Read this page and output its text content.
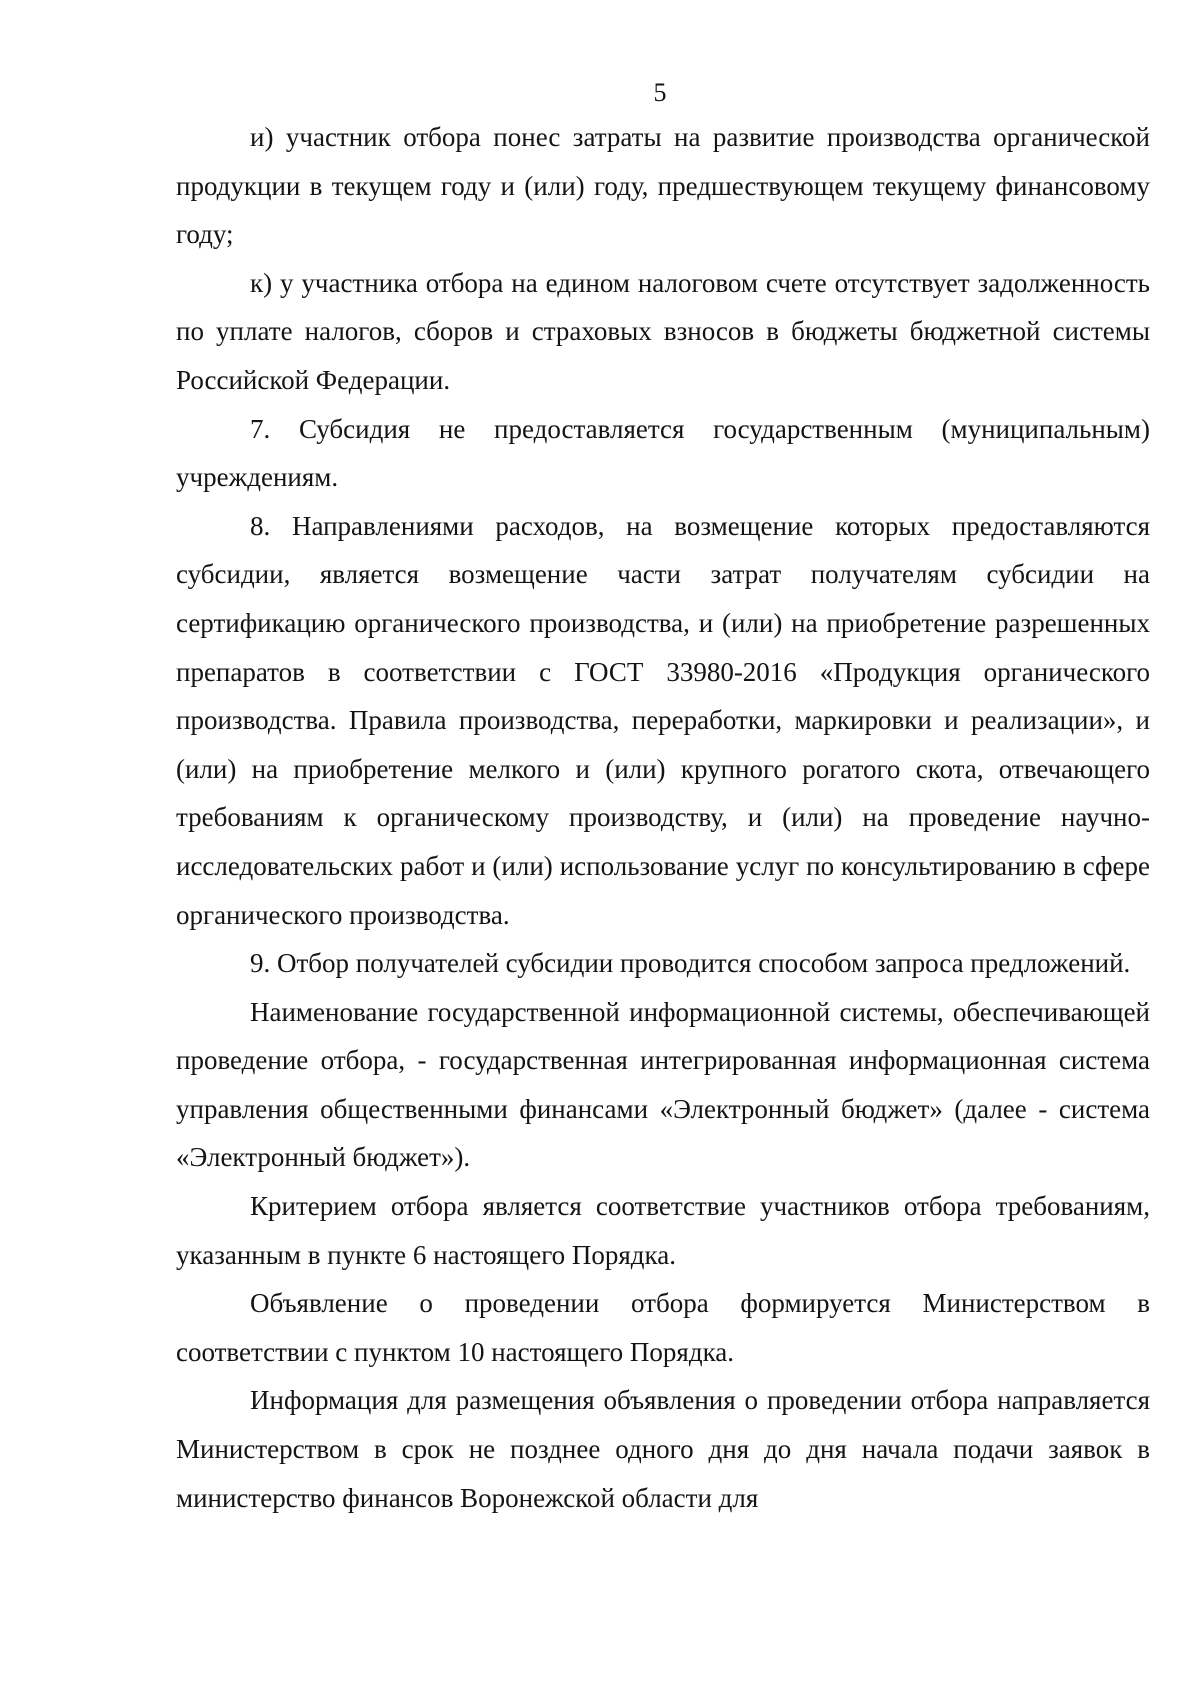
5

и) участник отбора понес затраты на развитие производства органической продукции в текущем году и (или) году, предшествующем текущему финансовому году;

к) у участника отбора на едином налоговом счете отсутствует задолженность по уплате налогов, сборов и страховых взносов в бюджеты бюджетной системы Российской Федерации.

7. Субсидия не предоставляется государственным (муниципальным) учреждениям.

8. Направлениями расходов, на возмещение которых предоставляются субсидии, является возмещение части затрат получателям субсидии на сертификацию органического производства, и (или) на приобретение разрешенных препаратов в соответствии с ГОСТ 33980-2016 «Продукция органического производства. Правила производства, переработки, маркировки и реализации», и (или) на приобретение мелкого и (или) крупного рогатого скота, отвечающего требованиям к органическому производству, и (или) на проведение научно-исследовательских работ и (или) использование услуг по консультированию в сфере органического производства.

9. Отбор получателей субсидии проводится способом запроса предложений.

Наименование государственной информационной системы, обеспечивающей проведение отбора, - государственная интегрированная информационная система управления общественными финансами «Электронный бюджет» (далее - система «Электронный бюджет»).

Критерием отбора является соответствие участников отбора требованиям, указанным в пункте 6 настоящего Порядка.

Объявление о проведении отбора формируется Министерством в соответствии с пунктом 10 настоящего Порядка.

Информация для размещения объявления о проведении отбора направляется Министерством в срок не позднее одного дня до дня начала подачи заявок в министерство финансов Воронежской области для
